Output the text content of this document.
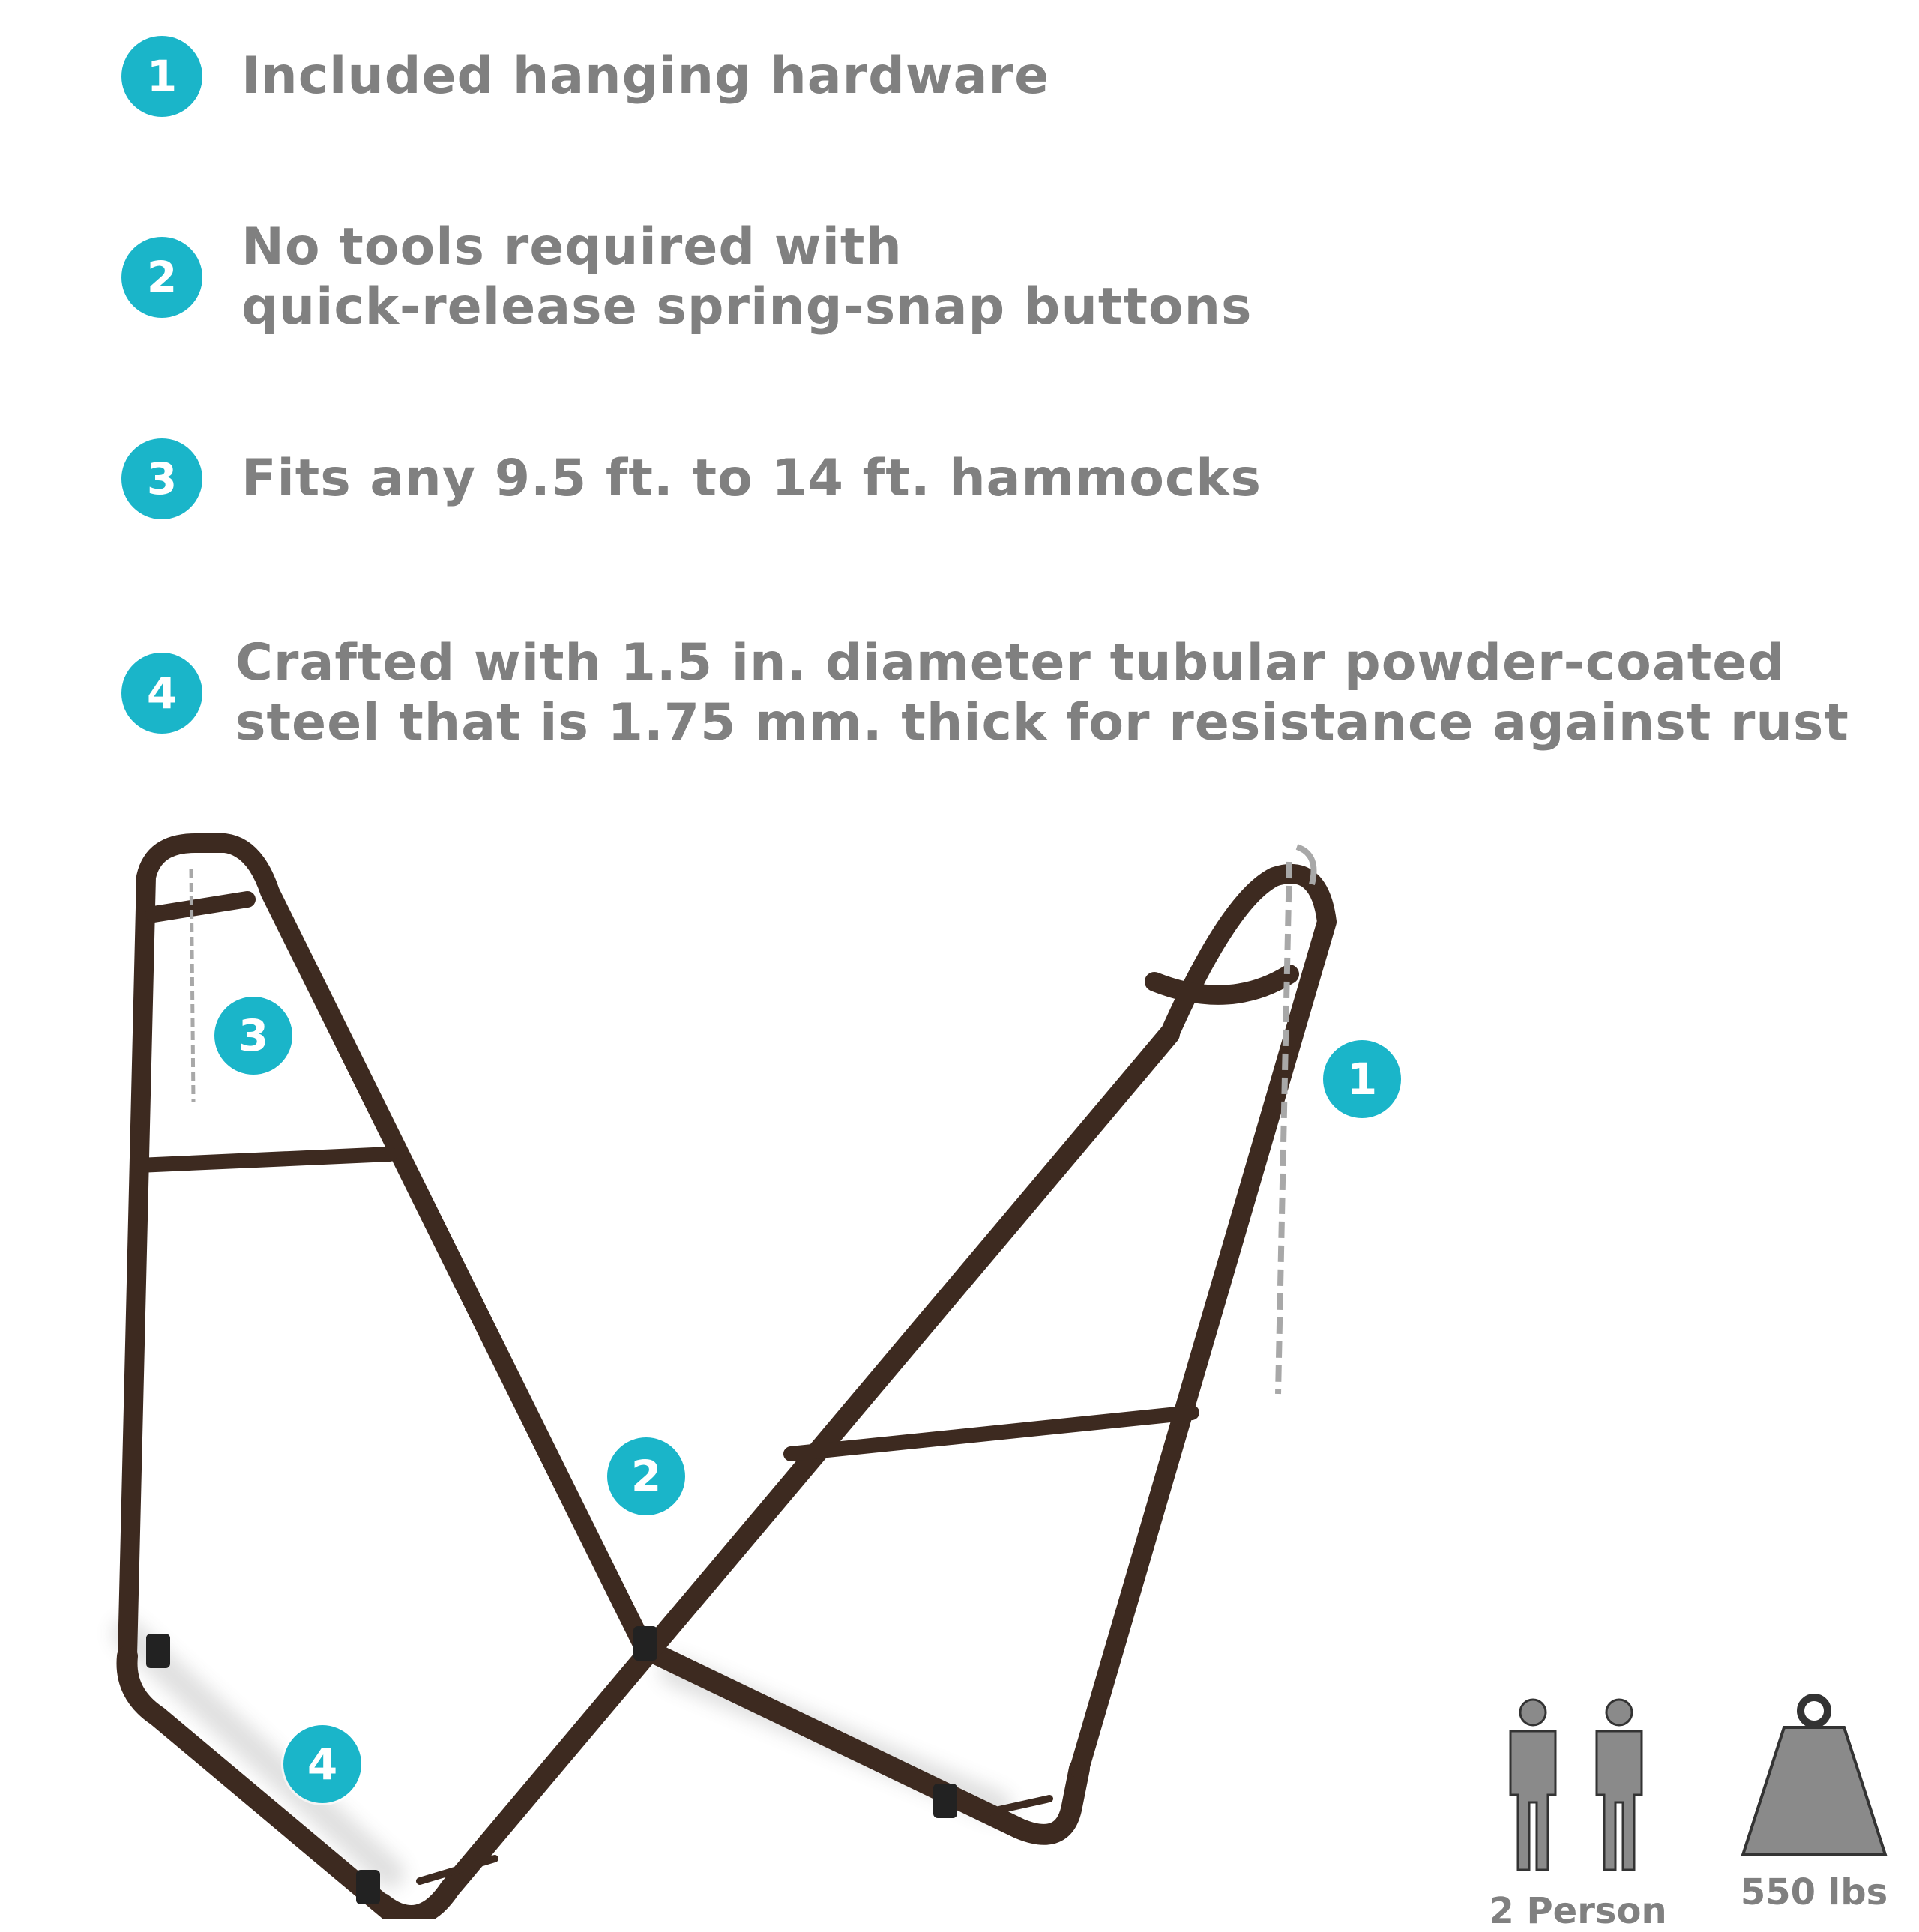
1	Included hanging hardware
2
No tools required with
quick-release spring-snap buttons
3	Fits any 9.5 ft. to 14 ft. hammocks
4
Crafted with 1.5 in. diameter tubular powder-coated
steel that is 1.75 mm. thick for resistance against rust
1
2
3
4
2 Person	550 lbs
